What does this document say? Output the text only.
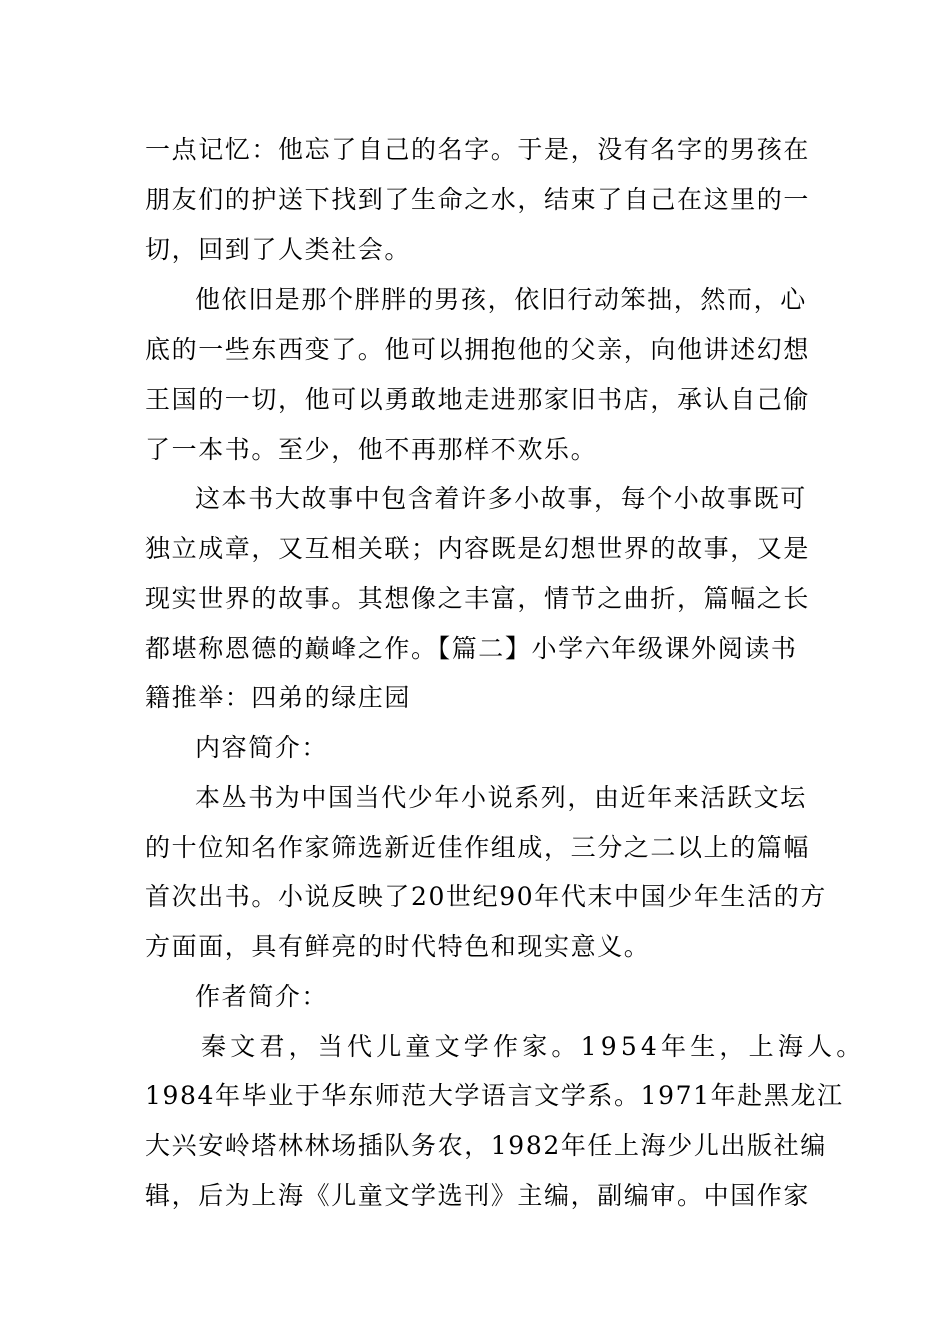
一点记忆：他忘了自己的名字。于是，没有名字的男孩在
朋友们的护送下找到了生命之水，结束了自己在这里的一
切，回到了人类社会。
他依旧是那个胖胖的男孩，依旧行动笨拙，然而，心
底的一些东西变了。他可以拥抱他的父亲，向他讲述幻想
王国的一切，他可以勇敢地走进那家旧书店，承认自己偷
了一本书。至少，他不再那样不欢乐。
这本书大故事中包含着许多小故事，每个小故事既可
独立成章，又互相关联；内容既是幻想世界的故事，又是
现实世界的故事。其想像之丰富，情节之曲折，篇幅之长
都堪称恩德的巅峰之作。【篇二】小学六年级课外阅读书
籍推举：四弟的绿庄园
内容简介：
本丛书为中国当代少年小说系列，由近年来活跃文坛
的十位知名作家筛选新近佳作组成，三分之二以上的篇幅
首次出书。小说反映了20世纪90年代末中国少年生活的方
方面面，具有鲜亮的时代特色和现实意义。
作者简介：
秦文君，当代儿童文学作家。1954年生，上海人。
1984年毕业于华东师范大学语言文学系。1971年赴黑龙江
大兴安岭塔林林场插队务农，1982年任上海少儿出版社编
辑，后为上海《儿童文学选刊》主编，副编审。中国作家
